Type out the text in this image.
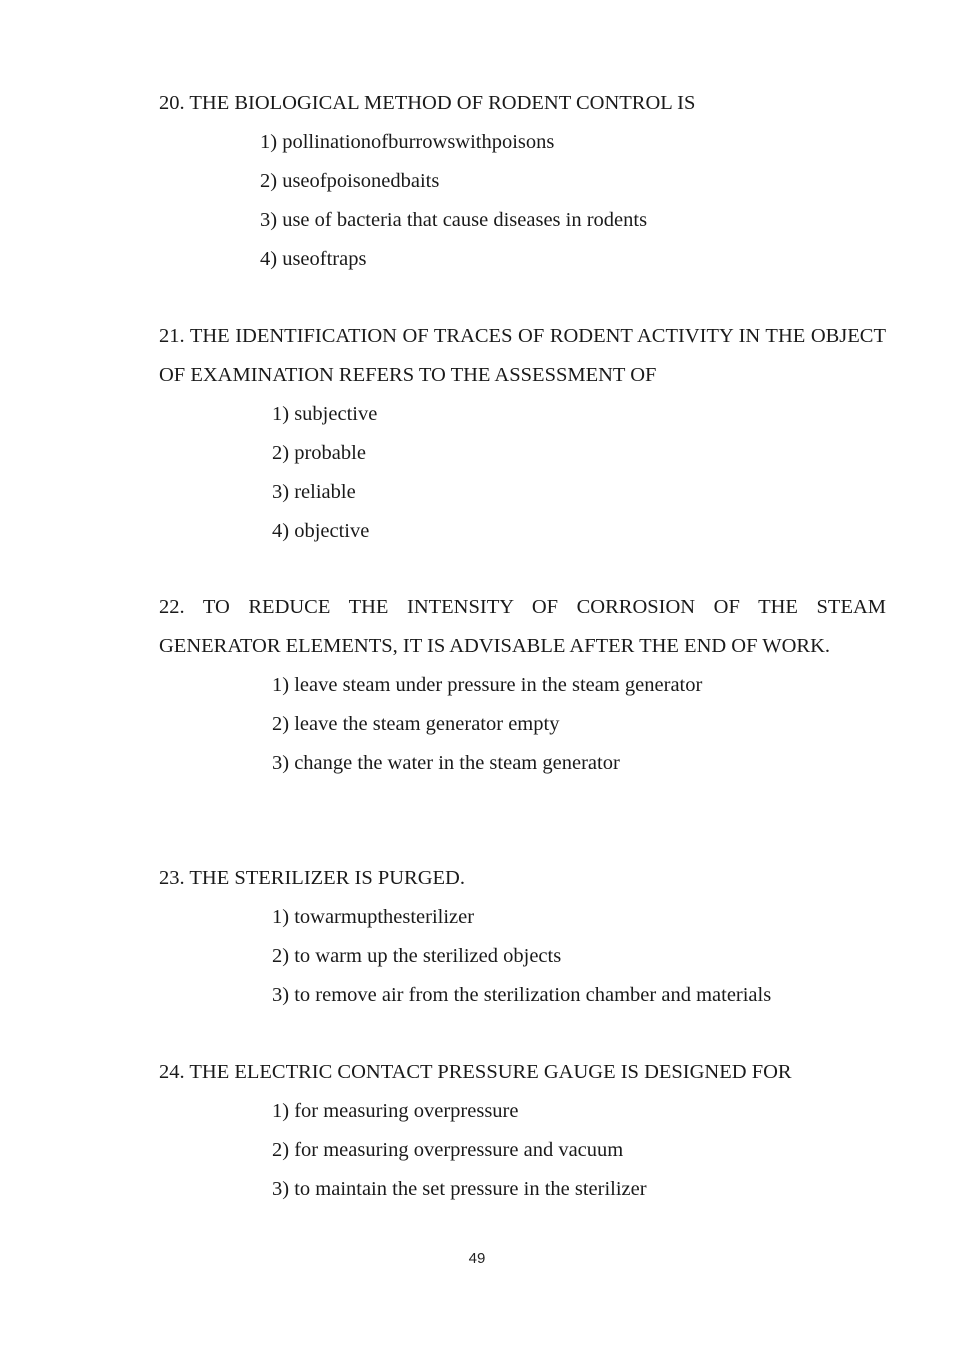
20. THE BIOLOGICAL METHOD OF RODENT CONTROL IS

1) pollinationofburrowswithpoisons
2) useofpoisonedbaits
3) use of bacteria that cause diseases in rodents
4) useoftraps

21. THE IDENTIFICATION OF TRACES OF RODENT ACTIVITY IN THE OBJECT OF EXAMINATION REFERS TO THE ASSESSMENT OF

1) subjective
2) probable
3) reliable
4) objective

22. TO REDUCE THE INTENSITY OF CORROSION OF THE STEAM GENERATOR ELEMENTS, IT IS ADVISABLE AFTER THE END OF WORK.

1) leave steam under pressure in the steam generator
2) leave the steam generator empty
3) change the water in the steam generator

23. THE STERILIZER IS PURGED.

1) towarmupthesterilizer
2) to warm up the sterilized objects
3) to remove air from the sterilization chamber and materials

24. THE ELECTRIC CONTACT PRESSURE GAUGE IS DESIGNED FOR

1) for measuring overpressure
2) for measuring overpressure and vacuum
3) to maintain the set pressure in the sterilizer
49
